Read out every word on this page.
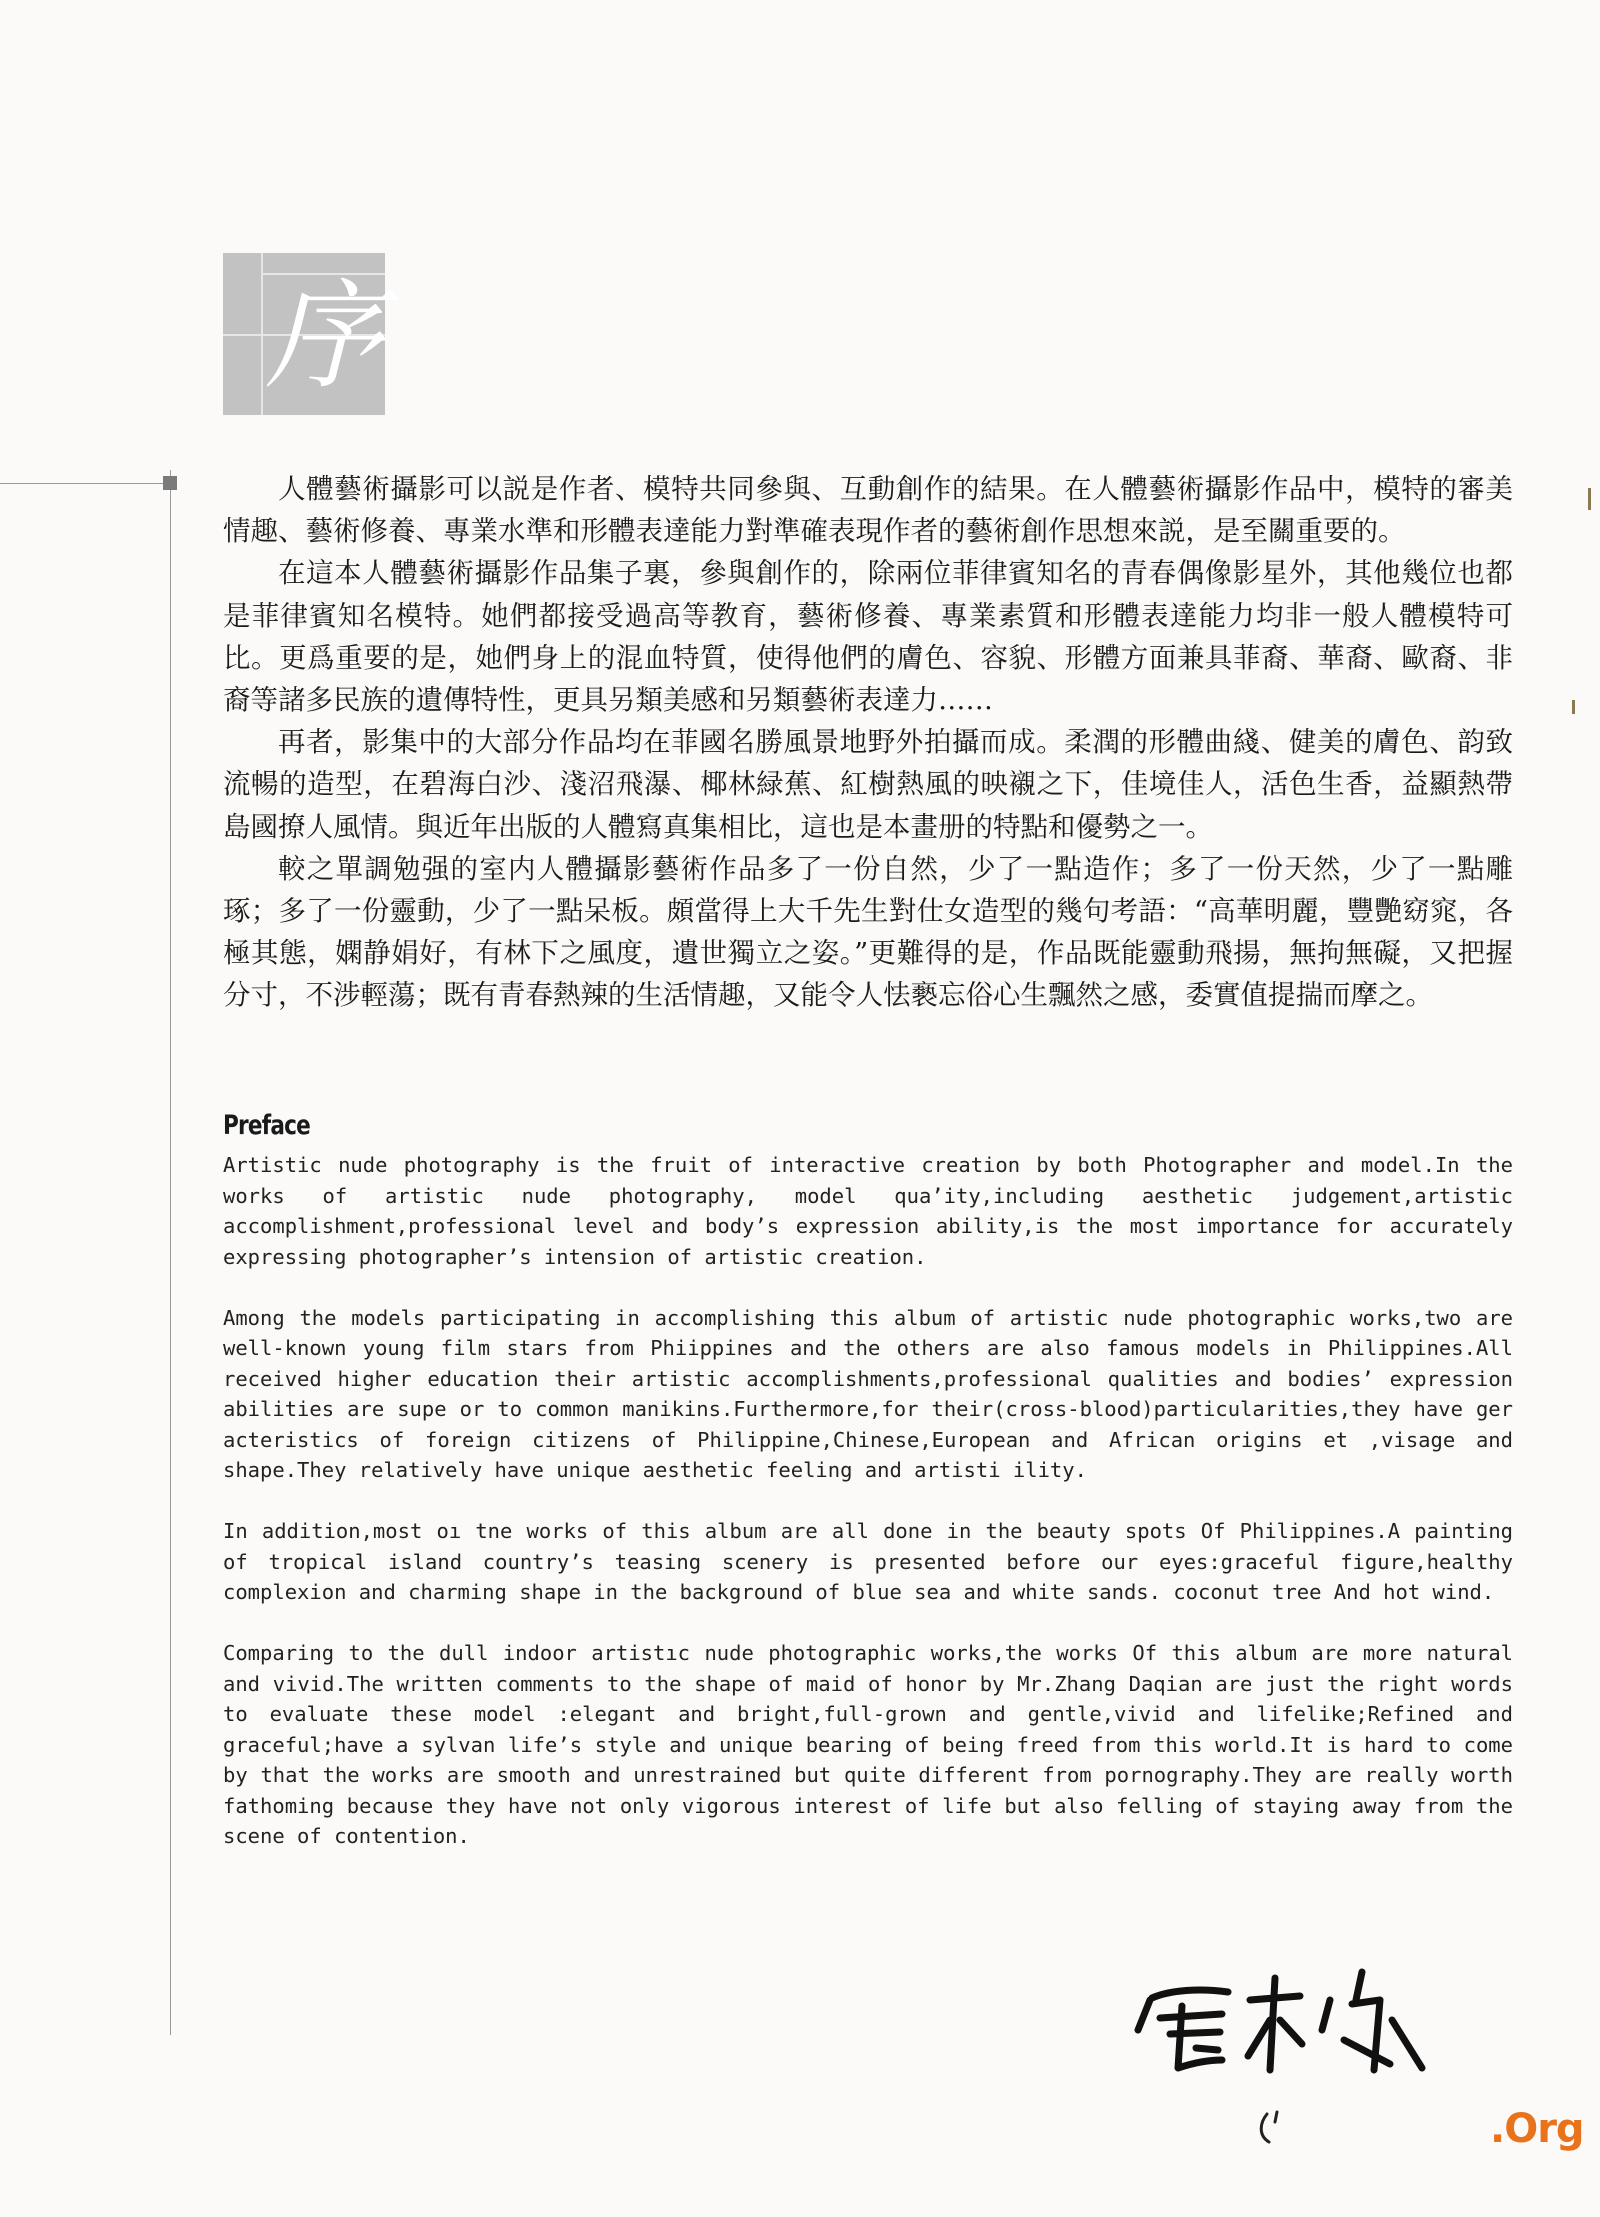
序

人體藝術攝影可以説是作者、模特共同參與、互動創作的結果。在人體藝術攝影作品中，模特的審美情趣、藝術修養、專業水準和形體表達能力對準確表現作者的藝術創作思想來説，是至關重要的。

在這本人體藝術攝影作品集子裏，參與創作的，除兩位菲律賓知名的青春偶像影星外，其他幾位也都是菲律賓知名模特。她們都接受過高等教育，藝術修養、專業素質和形體表達能力均非一般人體模特可比。更爲重要的是，她們身上的混血特質，使得他們的膚色、容貌、形體方面兼具菲裔、華裔、歐裔、非裔等諸多民族的遺傳特性，更具另類美感和另類藝術表達力……

再者，影集中的大部分作品均在菲國名勝風景地野外拍攝而成。柔潤的形體曲綫、健美的膚色、韵致流暢的造型，在碧海白沙、淺沼飛瀑、椰林緑蕉、紅樹熱風的映襯之下，佳境佳人，活色生香，益顯熱帶島國撩人風情。與近年出版的人體寫真集相比，這也是本畫册的特點和優勢之一。

較之單調勉强的室内人體攝影藝術作品多了一份自然，少了一點造作；多了一份天然，少了一點雕琢；多了一份靈動，少了一點呆板。頗當得上大千先生對仕女造型的幾句考語：“高華明麗，豐艷窈窕，各極其態，嫻静娟好，有林下之風度，遺世獨立之姿。”更難得的是，作品既能靈動飛揚，無拘無礙，又把握分寸，不涉輕蕩；既有青春熱辣的生活情趣，又能令人怯褻忘俗心生飄然之感，委實值提揣而摩之。

Preface

Artistic nude photography is the fruit of interactive creation by both Photographer and model.In the works of artistic nude photography, model qua’ity,including aesthetic judgement,artistic accomplishment,professional level and body’s expression ability,is the most importance for accurately expressing photographer’s intension of artistic creation.

Among the models participating in accomplishing this album of artistic nude photographic works,two are well-known young film stars from Phiippines and the others are also famous models in Philippines.All received higher education their artistic accomplishments,professional qualities and bodies’ expression abilities are supe or to common manikins.Furthermore,for their(cross-blood)particularities,they have ger acteristics of foreign citizens of Philippine,Chinese,European and African origins et ,visage and shape.They relatively have unique aesthetic feeling and artisti ility.

In addition,most oı tne works of this album are all done in the beauty spots Of Philippines.A painting of tropical island country’s teasing scenery is presented before our eyes:graceful figure,healthy complexion and charming shape in the background of blue sea and white sands. coconut tree And hot wind.

Comparing to the dull indoor artistıc nude photographic works,the works Of this album are more natural and vivid.The written comments to the shape of maid of honor by Mr.Zhang Daqian are just the right words to evaluate these model :elegant and bright,full-grown and gentle,vivid and lifelike;Refined and graceful;have a sylvan life’s style and unique bearing of being freed from this world.It is hard to come by that the works are smooth and unrestrained but quite different from pornography.They are really worth fathoming because they have not only vigorous interest of life but also felling of staying away from the scene of contention.

.Org
